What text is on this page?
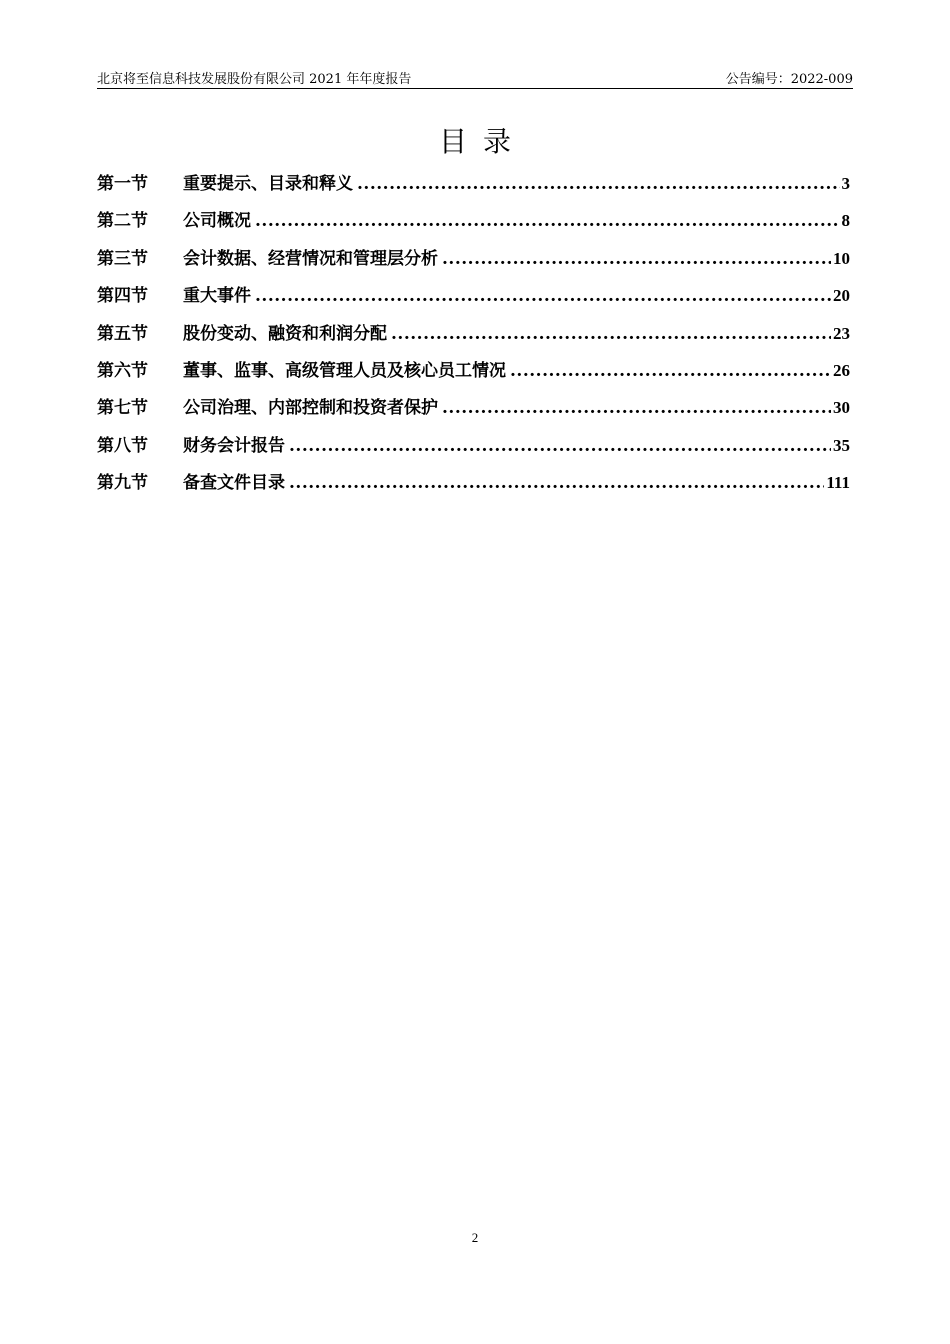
北京将至信息科技发展股份有限公司 2021 年年度报告	公告编号：2022-009
目录
第一节	重要提示、目录和释义 .....	3
第二节	公司概况 .....	8
第三节	会计数据、经营情况和管理层分析 .....	10
第四节	重大事件 .....	20
第五节	股份变动、融资和利润分配 .....	23
第六节	董事、监事、高级管理人员及核心员工情况 .....	26
第七节	公司治理、内部控制和投资者保护 .....	30
第八节	财务会计报告 .....	35
第九节	备查文件目录 .....	111
2
